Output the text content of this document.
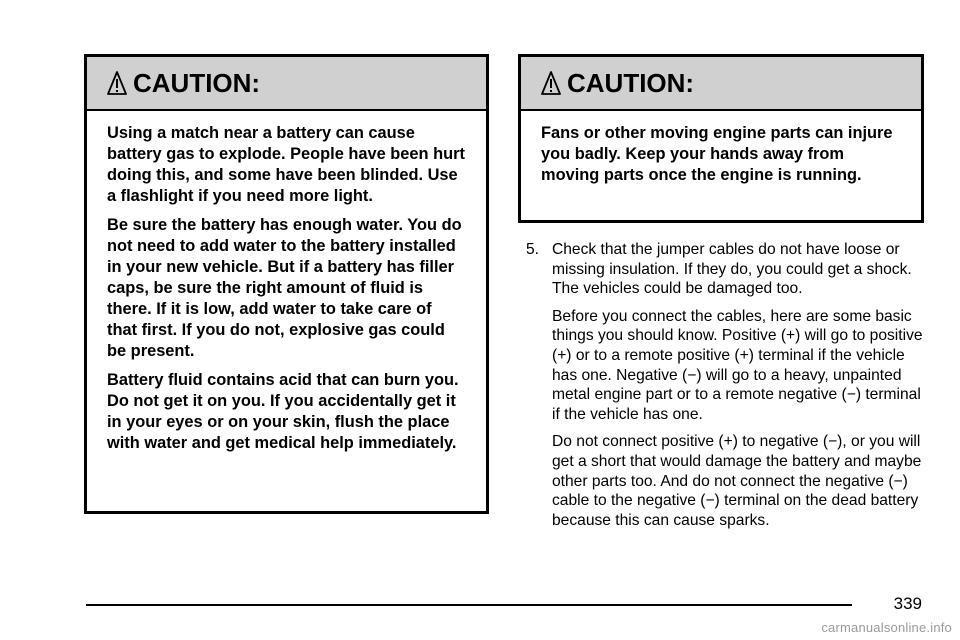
CAUTION:

Using a match near a battery can cause battery gas to explode. People have been hurt doing this, and some have been blinded. Use a flashlight if you need more light.

Be sure the battery has enough water. You do not need to add water to the battery installed in your new vehicle. But if a battery has filler caps, be sure the right amount of fluid is there. If it is low, add water to take care of that first. If you do not, explosive gas could be present.

Battery fluid contains acid that can burn you. Do not get it on you. If you accidentally get it in your eyes or on your skin, flush the place with water and get medical help immediately.

CAUTION:

Fans or other moving engine parts can injure you badly. Keep your hands away from moving parts once the engine is running.

5. Check that the jumper cables do not have loose or missing insulation. If they do, you could get a shock. The vehicles could be damaged too.

Before you connect the cables, here are some basic things you should know. Positive (+) will go to positive (+) or to a remote positive (+) terminal if the vehicle has one. Negative (−) will go to a heavy, unpainted metal engine part or to a remote negative (−) terminal if the vehicle has one.

Do not connect positive (+) to negative (−), or you will get a short that would damage the battery and maybe other parts too. And do not connect the negative (−) cable to the negative (−) terminal on the dead battery because this can cause sparks.

339
carmanualsonline.info
